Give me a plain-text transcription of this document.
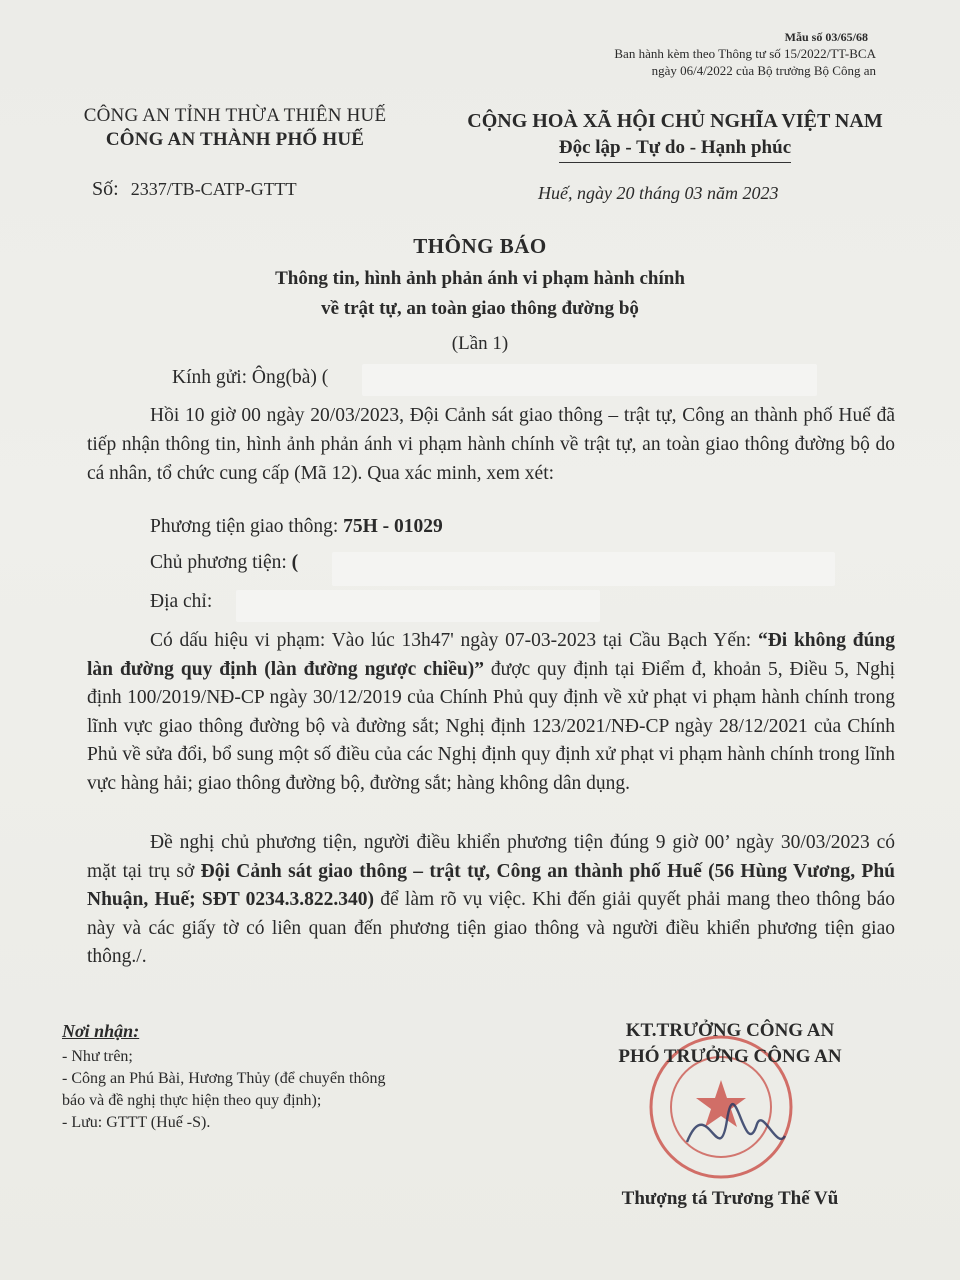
Mẫu số 03/65/68
Ban hành kèm theo Thông tư số 15/2022/TT-BCA
ngày 06/4/2022 của Bộ trưởng Bộ Công an
CÔNG AN TỈNH THỪA THIÊN HUẾ
CÔNG AN THÀNH PHỐ HUẾ
CỘNG HOÀ XÃ HỘI CHỦ NGHĨA VIỆT NAM
Độc lập - Tự do - Hạnh phúc
Số: 2337/TB-CATP-GTTT	Huế, ngày 20 tháng 03 năm 2023
THÔNG BÁO
Thông tin, hình ảnh phản ánh vi phạm hành chính
về trật tự, an toàn giao thông đường bộ
(Lần 1)
Kính gửi: Ông(bà) (
Hồi 10 giờ 00 ngày 20/03/2023, Đội Cảnh sát giao thông – trật tự, Công an thành phố Huế đã tiếp nhận thông tin, hình ảnh phản ánh vi phạm hành chính về trật tự, an toàn giao thông đường bộ do cá nhân, tổ chức cung cấp (Mã 12). Qua xác minh, xem xét:
Phương tiện giao thông: 75H - 01029
Chủ phương tiện: (
Địa chỉ:
Có dấu hiệu vi phạm: Vào lúc 13h47' ngày 07-03-2023 tại Cầu Bạch Yến: “Đi không đúng làn đường quy định (làn đường ngược chiều)” được quy định tại Điểm đ, khoản 5, Điều 5, Nghị định 100/2019/NĐ-CP ngày 30/12/2019 của Chính Phủ quy định về xử phạt vi phạm hành chính trong lĩnh vực giao thông đường bộ và đường sắt; Nghị định 123/2021/NĐ-CP ngày 28/12/2021 của Chính Phủ về sửa đổi, bổ sung một số điều của các Nghị định quy định xử phạt vi phạm hành chính trong lĩnh vực hàng hải; giao thông đường bộ, đường sắt; hàng không dân dụng.
Đề nghị chủ phương tiện, người điều khiển phương tiện đúng 9 giờ 00’ ngày 30/03/2023 có mặt tại trụ sở Đội Cảnh sát giao thông – trật tự, Công an thành phố Huế (56 Hùng Vương, Phú Nhuận, Huế; SĐT 0234.3.822.340) để làm rõ vụ việc. Khi đến giải quyết phải mang theo thông báo này và các giấy tờ có liên quan đến phương tiện giao thông và người điều khiển phương tiện giao thông./.
Nơi nhận:
- Như trên;
- Công an Phú Bài, Hương Thủy (để chuyển thông
báo và đề nghị thực hiện theo quy định);
- Lưu: GTTT (Huế -S).
KT.TRƯỞNG CÔNG AN
PHÓ TRƯỞNG CÔNG AN
Thượng tá Trương Thế Vũ
